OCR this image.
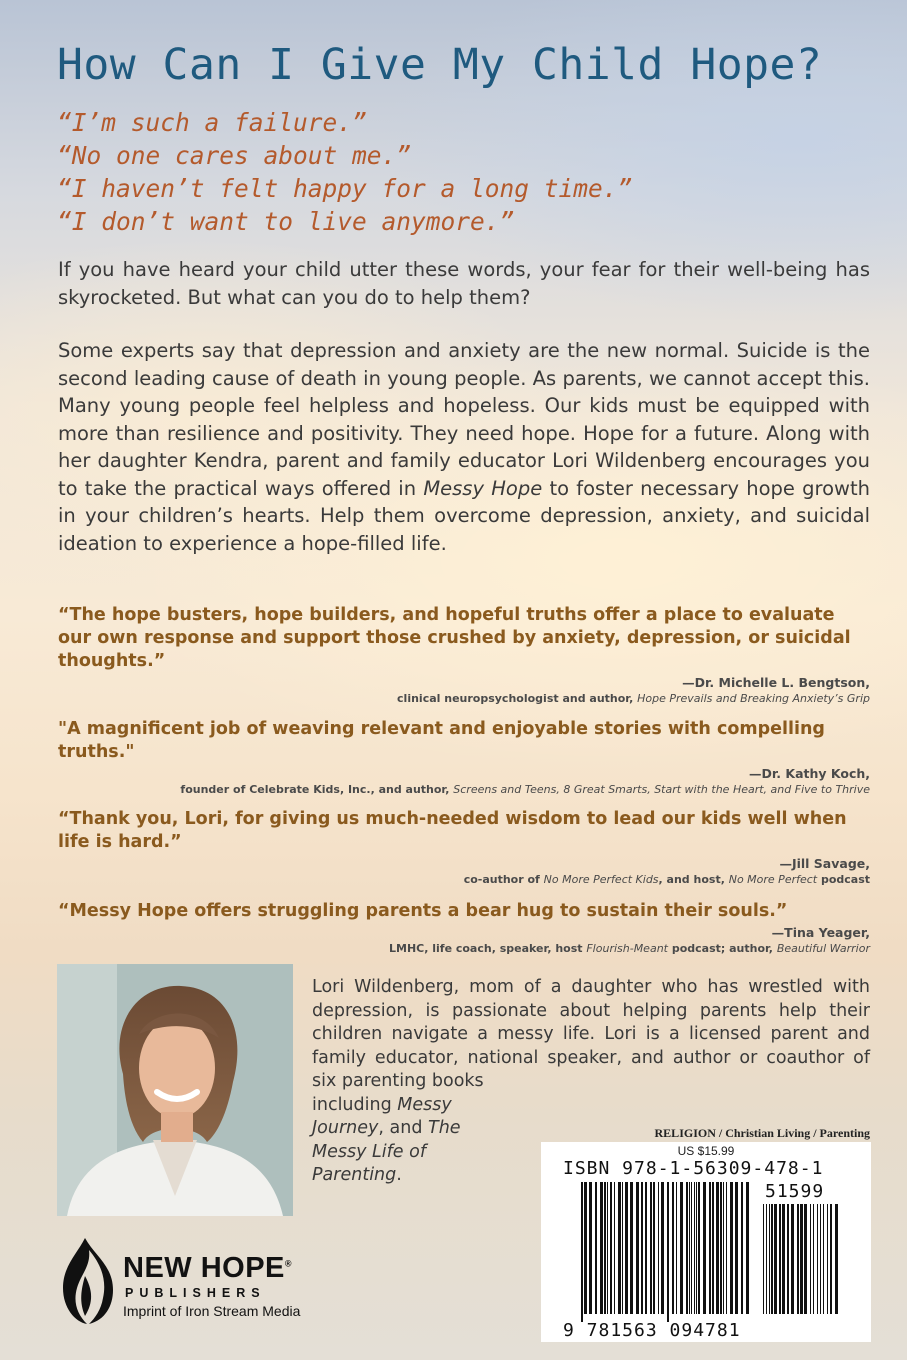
How Can I Give My Child Hope?
“I’m such a failure.”
“No one cares about me.”
“I haven’t felt happy for a long time.”
“I don’t want to live anymore.”
If you have heard your child utter these words, your fear for their well-being has skyrocketed. But what can you do to help them?
Some experts say that depression and anxiety are the new normal. Suicide is the second leading cause of death in young people. As parents, we cannot accept this. Many young people feel helpless and hopeless. Our kids must be equipped with more than resilience and positivity. They need hope. Hope for a future. Along with her daughter Kendra, parent and family educator Lori Wildenberg encourages you to take the practical ways offered in Messy Hope to foster necessary hope growth in your children’s hearts. Help them overcome depression, anxiety, and suicidal ideation to experience a hope-filled life.
“The hope busters, hope builders, and hopeful truths offer a place to evaluate our own response and support those crushed by anxiety, depression, or suicidal thoughts.”
—Dr. Michelle L. Bengtson,
clinical neuropsychologist and author, Hope Prevails and Breaking Anxiety’s Grip
"A magnificent job of weaving relevant and enjoyable stories with compelling truths."
—Dr. Kathy Koch,
founder of Celebrate Kids, Inc., and author, Screens and Teens, 8 Great Smarts, Start with the Heart, and Five to Thrive
“Thank you, Lori, for giving us much-needed wisdom to lead our kids well when life is hard.”
—Jill Savage,
co-author of No More Perfect Kids, and host, No More Perfect podcast
“Messy Hope offers struggling parents a bear hug to sustain their souls.”
—Tina Yeager,
LMHC, life coach, speaker, host Flourish-Meant podcast; author, Beautiful Warrior
Lori Wildenberg, mom of a daughter who has wrestled with depression, is passionate about helping parents help their children navigate a messy life. Lori is a licensed parent and family educator, national speaker, and author or coauthor of six parenting books
including Messy Journey, and The Messy Life of Parenting.
RELIGION / Christian Living / Parenting
US $15.99
ISBN 978-1-56309-478-1
51599
9 781563 094781
NEW HOPE®
PUBLISHERS
Imprint of Iron Stream Media
